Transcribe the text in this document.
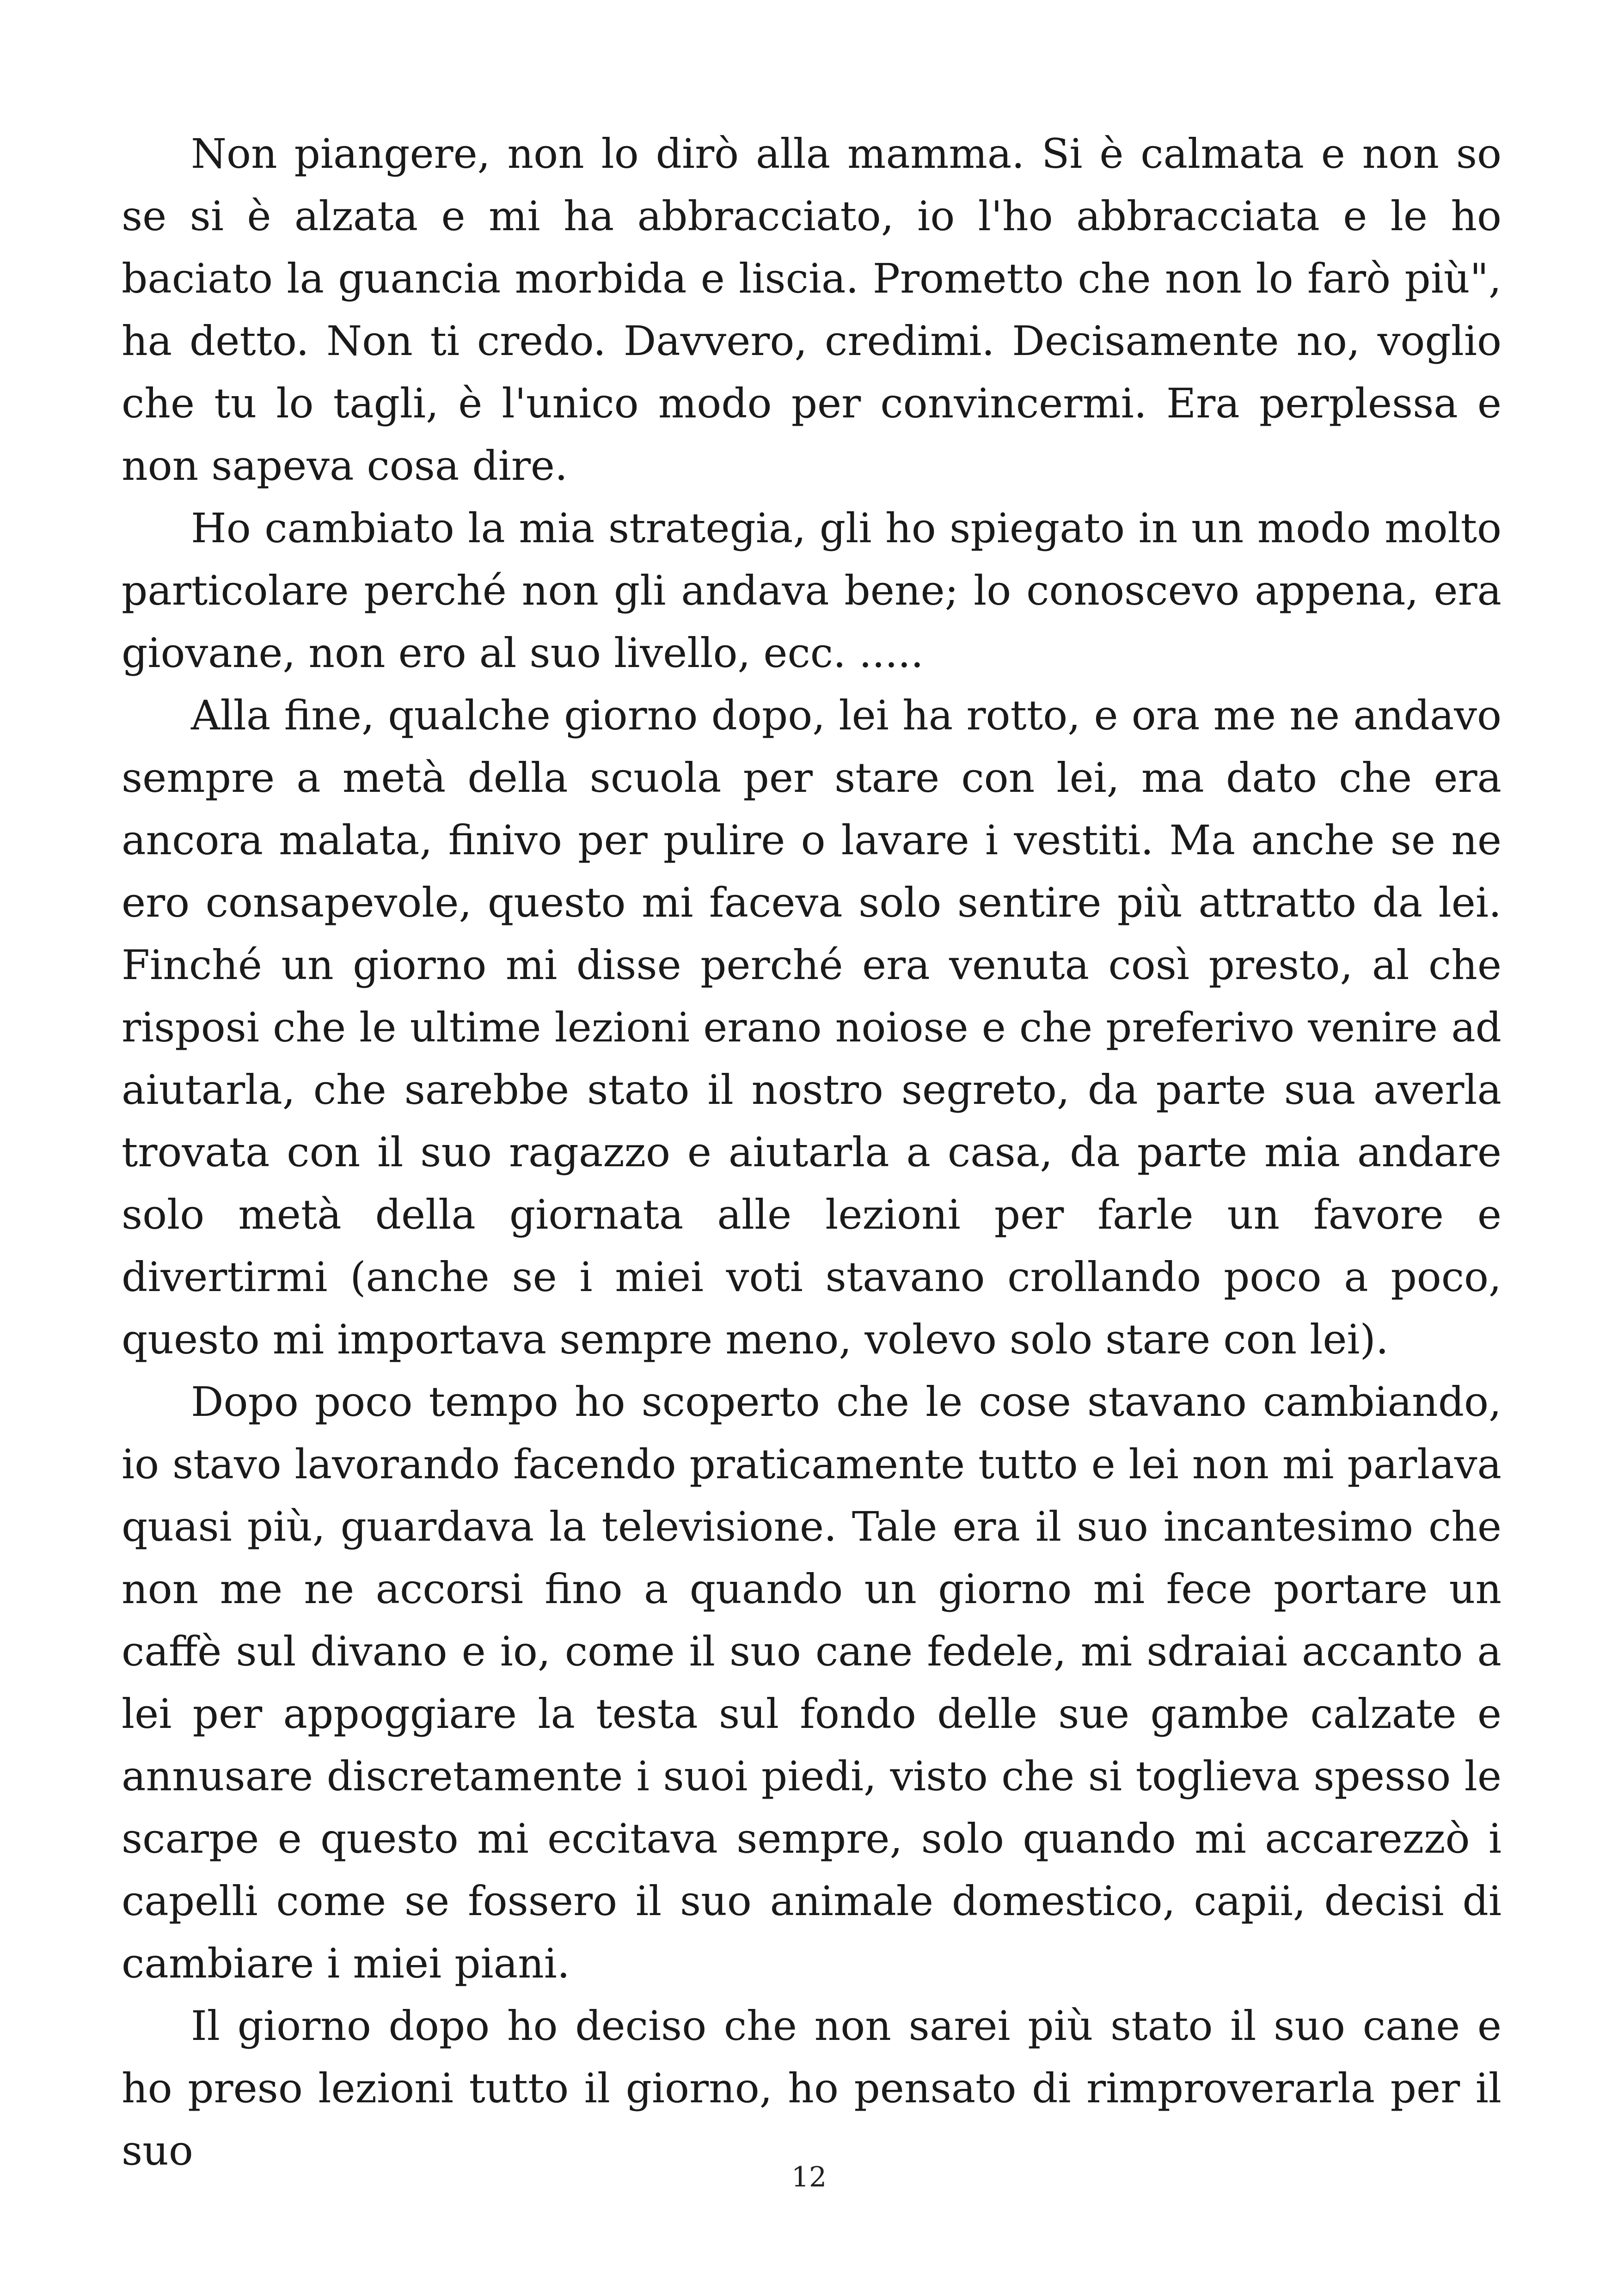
Non piangere, non lo dirò alla mamma. Si è calmata e non so se si è alzata e mi ha abbracciato, io l'ho abbracciata e le ho baciato la guancia morbida e liscia. Prometto che non lo farò più", ha detto. Non ti credo. Davvero, credimi. Decisamente no, voglio che tu lo tagli, è l'unico modo per convincermi. Era perplessa e non sapeva cosa dire.

Ho cambiato la mia strategia, gli ho spiegato in un modo molto particolare perché non gli andava bene; lo conoscevo appena, era giovane, non ero al suo livello, ecc. .....

Alla fine, qualche giorno dopo, lei ha rotto, e ora me ne andavo sempre a metà della scuola per stare con lei, ma dato che era ancora malata, finivo per pulire o lavare i vestiti. Ma anche se ne ero consapevole, questo mi faceva solo sentire più attratto da lei. Finché un giorno mi disse perché era venuta così presto, al che risposi che le ultime lezioni erano noiose e che preferivo venire ad aiutarla, che sarebbe stato il nostro segreto, da parte sua averla trovata con il suo ragazzo e aiutarla a casa, da parte mia andare solo metà della giornata alle lezioni per farle un favore e divertirmi (anche se i miei voti stavano crollando poco a poco, questo mi importava sempre meno, volevo solo stare con lei).

Dopo poco tempo ho scoperto che le cose stavano cambiando, io stavo lavorando facendo praticamente tutto e lei non mi parlava quasi più, guardava la televisione. Tale era il suo incantesimo che non me ne accorsi fino a quando un giorno mi fece portare un caffè sul divano e io, come il suo cane fedele, mi sdraiai accanto a lei per appoggiare la testa sul fondo delle sue gambe calzate e annusare discretamente i suoi piedi, visto che si toglieva spesso le scarpe e questo mi eccitava sempre, solo quando mi accarezzò i capelli come se fossero il suo animale domestico, capii, decisi di cambiare i miei piani.

Il giorno dopo ho deciso che non sarei più stato il suo cane e ho preso lezioni tutto il giorno, ho pensato di rimproverarla per il suo

12
